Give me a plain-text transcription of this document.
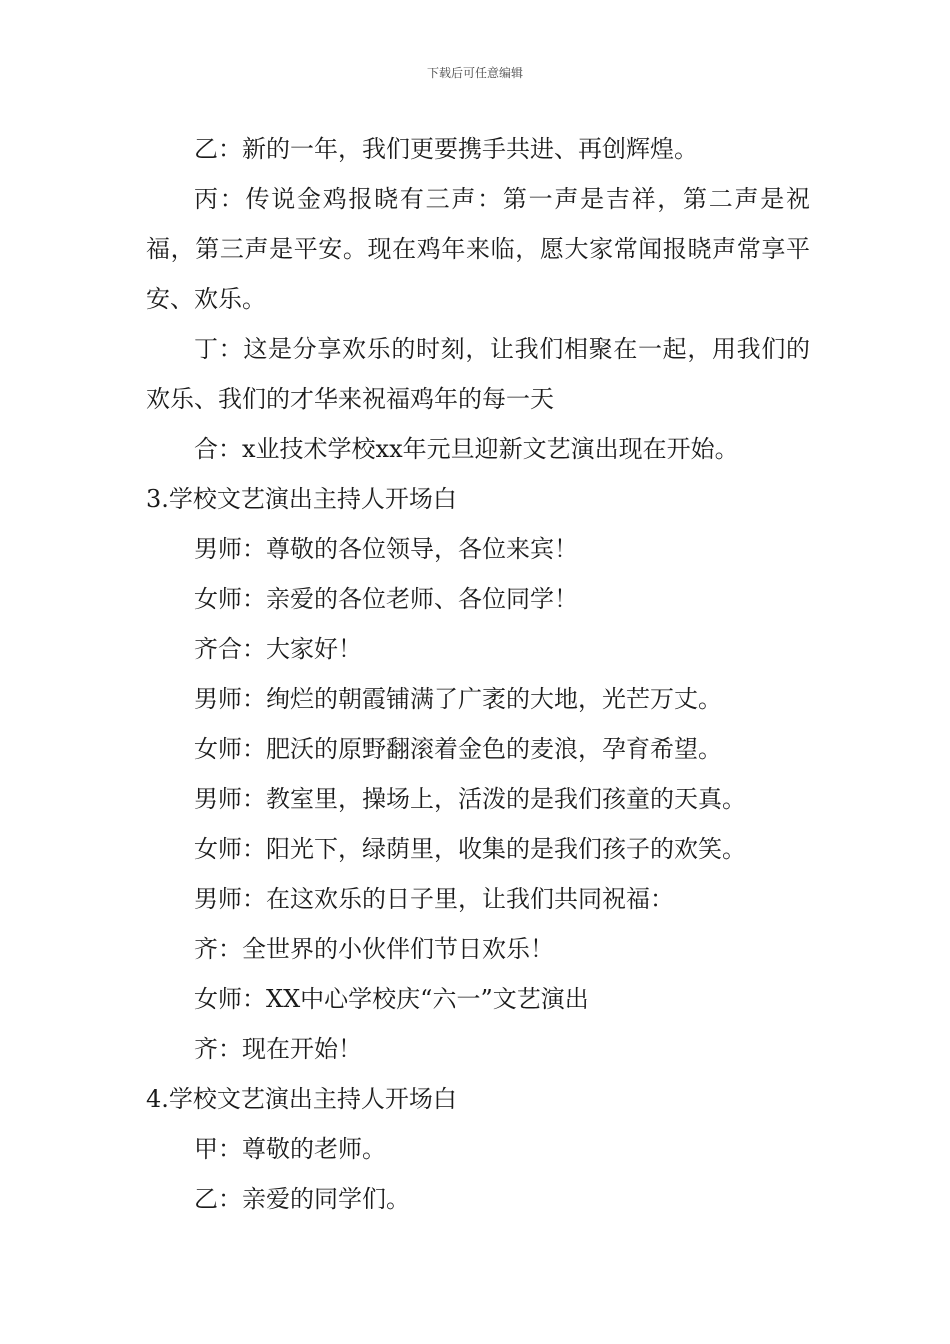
下载后可任意编辑

乙：新的一年，我们更要携手共进、再创辉煌。

丙：传说金鸡报晓有三声：第一声是吉祥，第二声是祝福，第三声是平安。现在鸡年来临，愿大家常闻报晓声常享平安、欢乐。

丁：这是分享欢乐的时刻，让我们相聚在一起，用我们的欢乐、我们的才华来祝福鸡年的每一天

合：x业技术学校xx年元旦迎新文艺演出现在开始。

3.学校文艺演出主持人开场白

男师：尊敬的各位领导，各位来宾！

女师：亲爱的各位老师、各位同学！

齐合：大家好！

男师：绚烂的朝霞铺满了广袤的大地，光芒万丈。

女师：肥沃的原野翻滚着金色的麦浪，孕育希望。

男师：教室里，操场上，活泼的是我们孩童的天真。

女师：阳光下，绿荫里，收集的是我们孩子的欢笑。

男师：在这欢乐的日子里，让我们共同祝福：

齐：全世界的小伙伴们节日欢乐！

女师：XX中心学校庆“六一”文艺演出

齐：现在开始！

4.学校文艺演出主持人开场白

甲：尊敬的老师。

乙：亲爱的同学们。
